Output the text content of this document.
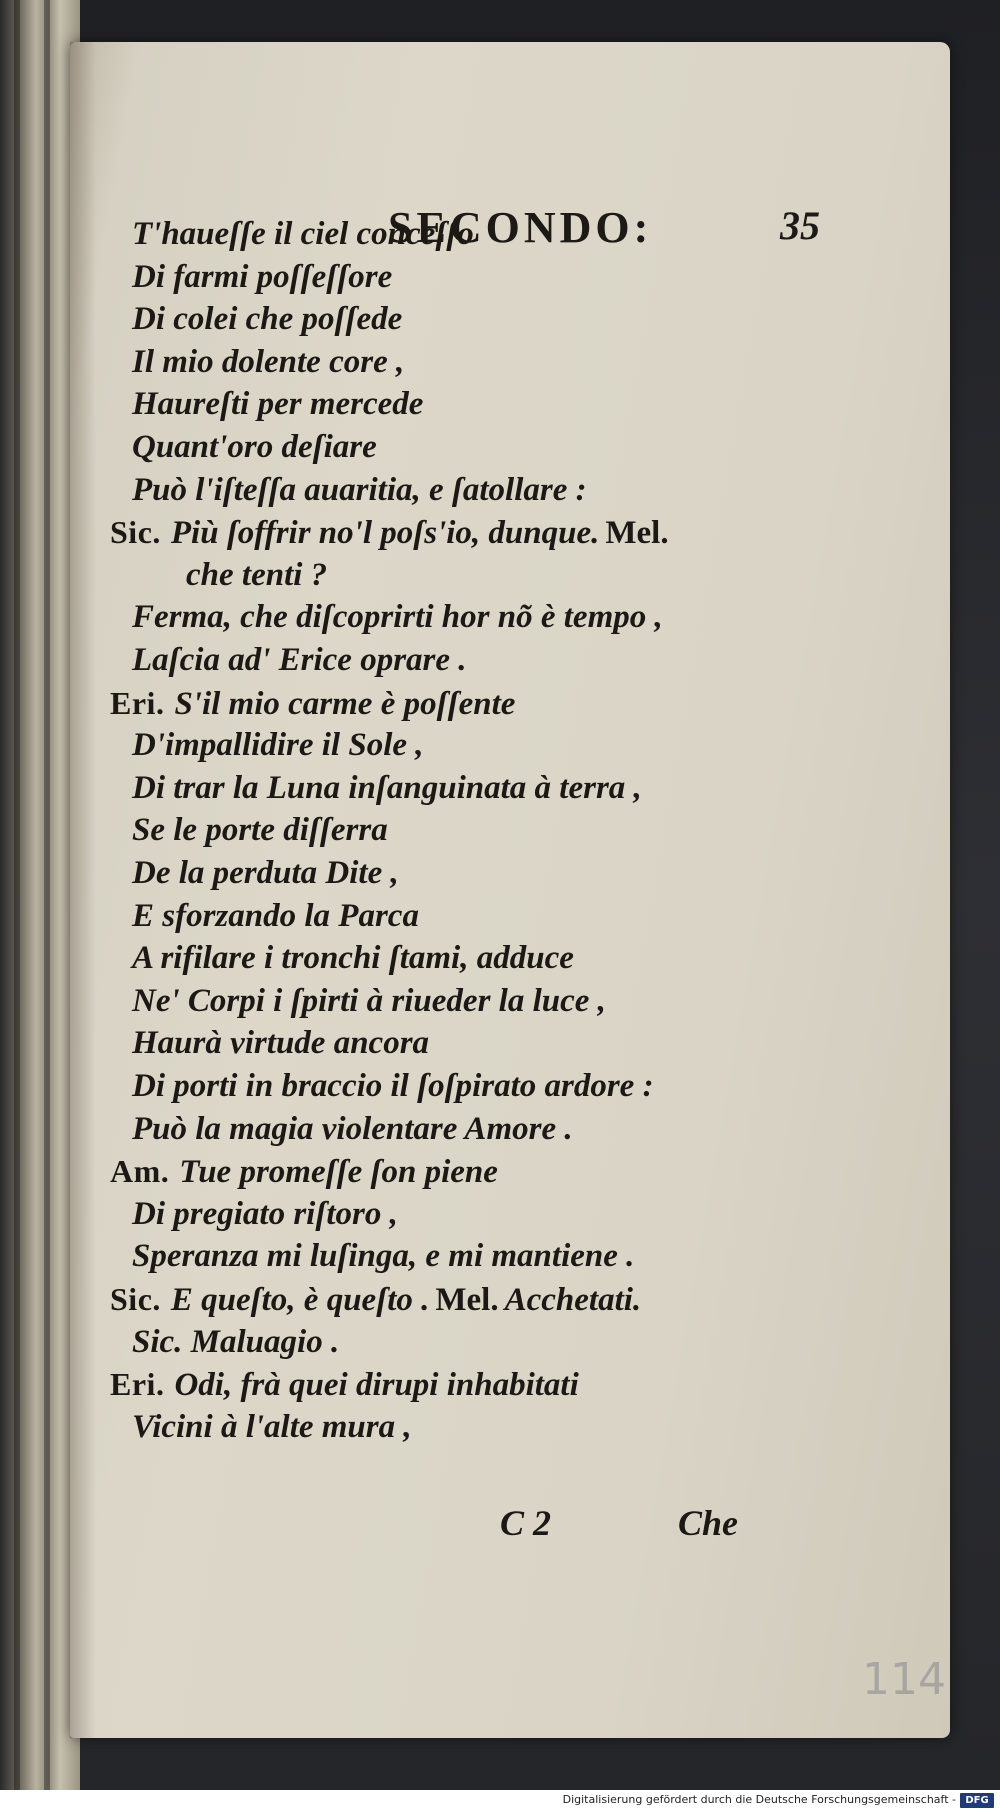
SECONDO:	35
T'haueſſe il ciel conceſſo
Di farmi poſſeſſore
Di colei che poſſede
Il mio dolente core ,
Haureſti per mercede
Quant'oro deſiare
Può l'iſteſſa auaritia, e ſatollare :
Sic. Più ſoffrir no'l poſs'io, dunque. Mel.
che tenti ?
Ferma, che diſcoprirti hor nõ è tempo ,
Laſcia ad' Erice oprare .
Eri. S'il mio carme è poſſente
D'impallidire il Sole ,
Di trar la Luna inſanguinata à terra ,
Se le porte diſſerra
De la perduta Dite ,
E sforzando la Parca
A rifilare i tronchi ſtami, adduce
Ne' Corpi i ſpirti à riueder la luce ,
Haurà virtude ancora
Di porti in braccio il ſoſpirato ardore :
Può la magia violentare Amore .
Am. Tue promeſſe ſon piene
Di pregiato riſtoro ,
Speranza mi luſinga, e mi mantiene .
Sic. E queſto, è queſto . Mel. Acchetati.
Sic. Maluagio .
Eri. Odi, frà quei dirupi inhabitati
Vicini à l'alte mura ,
C 2	Che
114
Digitalisierung gefördert durch die Deutsche Forschungsgemeinschaft - DFG
